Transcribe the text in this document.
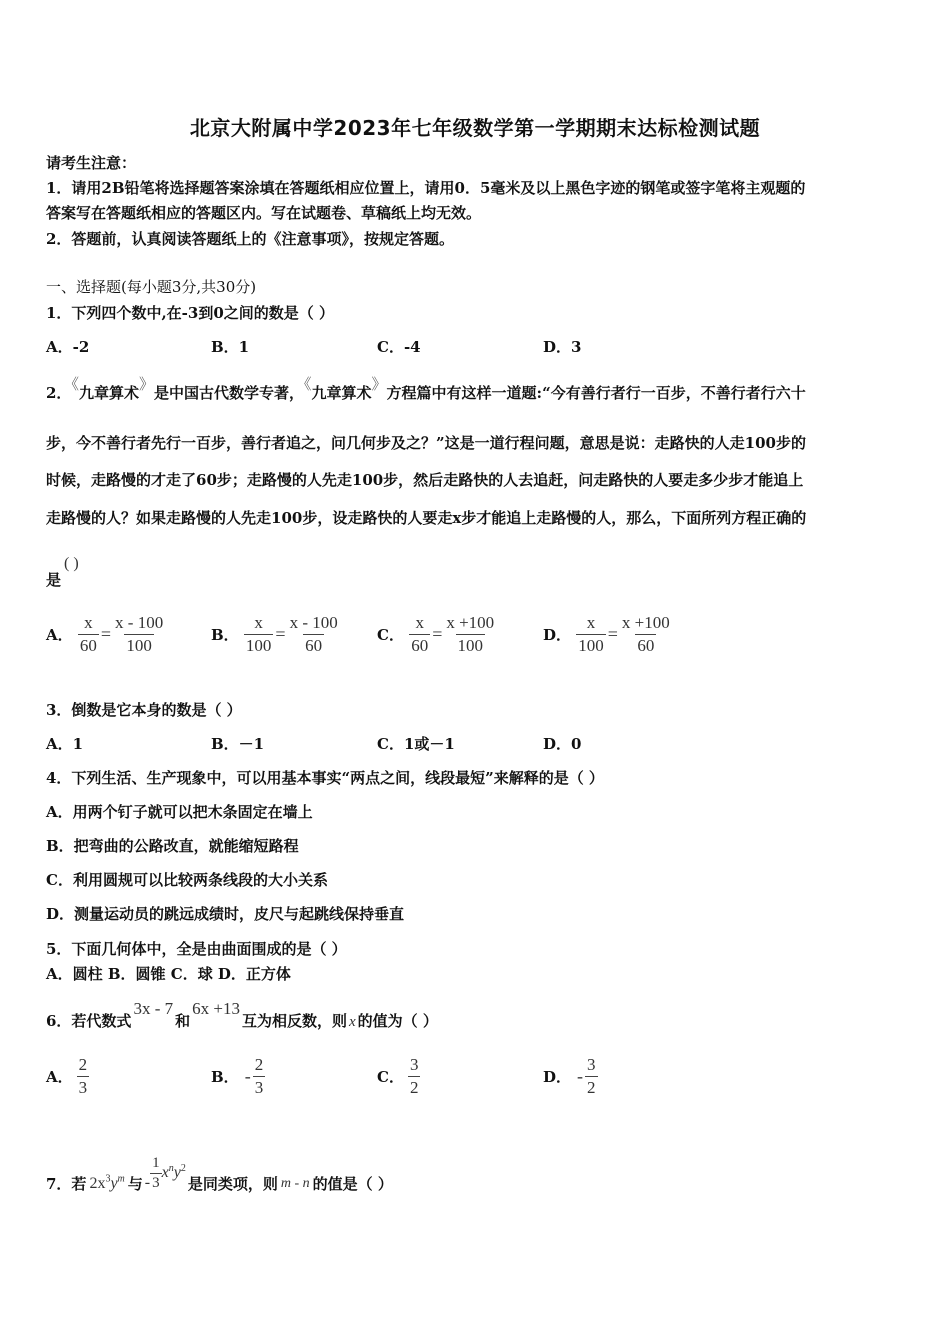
北京大附属中学2023年七年级数学第一学期期末达标检测试题
请考生注意：
1．请用2B铅笔将选择题答案涂填在答题纸相应位置上，请用0．5毫米及以上黑色字迹的钢笔或签字笔将主观题的
答案写在答题纸相应的答题区内。写在试题卷、草稿纸上均无效。
2．答题前，认真阅读答题纸上的《注意事项》，按规定答题。
一、选择题(每小题3分,共30分)
1．下列四个数中,在-3到0之间的数是（ ）
A．-2	B．1	C．-4	D．3
2．《九章算术》是中国古代数学专著，《九章算术》方程篇中有这样一道题:“今有善行者行一百步，不善行者行六十
步，今不善行者先行一百步，善行者追之，问几何步及之？”这是一道行程问题，意思是说：走路快的人走100步的
时候，走路慢的才走了60步；走路慢的人先走100步，然后走路快的人去追赶，问走路快的人要走多少步才能追上
走路慢的人？如果走路慢的人先走100步，设走路快的人要走x步才能追上走路慢的人，那么，下面所列方程正确的
是
( )
A． $\frac{x}{60} = \frac{x - 100}{100}$	B． $\frac{x}{100} = \frac{x - 100}{60}$ C． $\frac{x}{60} = \frac{x +100}{100}$	D． $\frac{x}{100} = \frac{x +100}{60}$
3．倒数是它本身的数是（ ）
A．1	B．－1	C．1或－1	D．0
4．下列生活、生产现象中，可以用基本事实“两点之间，线段最短”来解释的是（ ）
A．用两个钉子就可以把木条固定在墙上
B．把弯曲的公路改直，就能缩短路程
C．利用圆规可以比较两条线段的大小关系
D．测量运动员的跳远成绩时，皮尺与起跳线保持垂直
5．下面几何体中，全是由曲面围成的是（ ）
A．圆柱 B．圆锥 C．球 D．正方体
6．若代数式3x - 7和6x +13互为相反数，则 x 的值为（ ）
A． $\frac{2}{3}$	B． - $\frac{2}{3}$	C． $\frac{3}{2}$	D． - $\frac{3}{2}$
7．若 $2x^3y^m$ 与 - $\frac{1}{3} x^ny^2$是同类项，则 m - n 的值是（ ）
